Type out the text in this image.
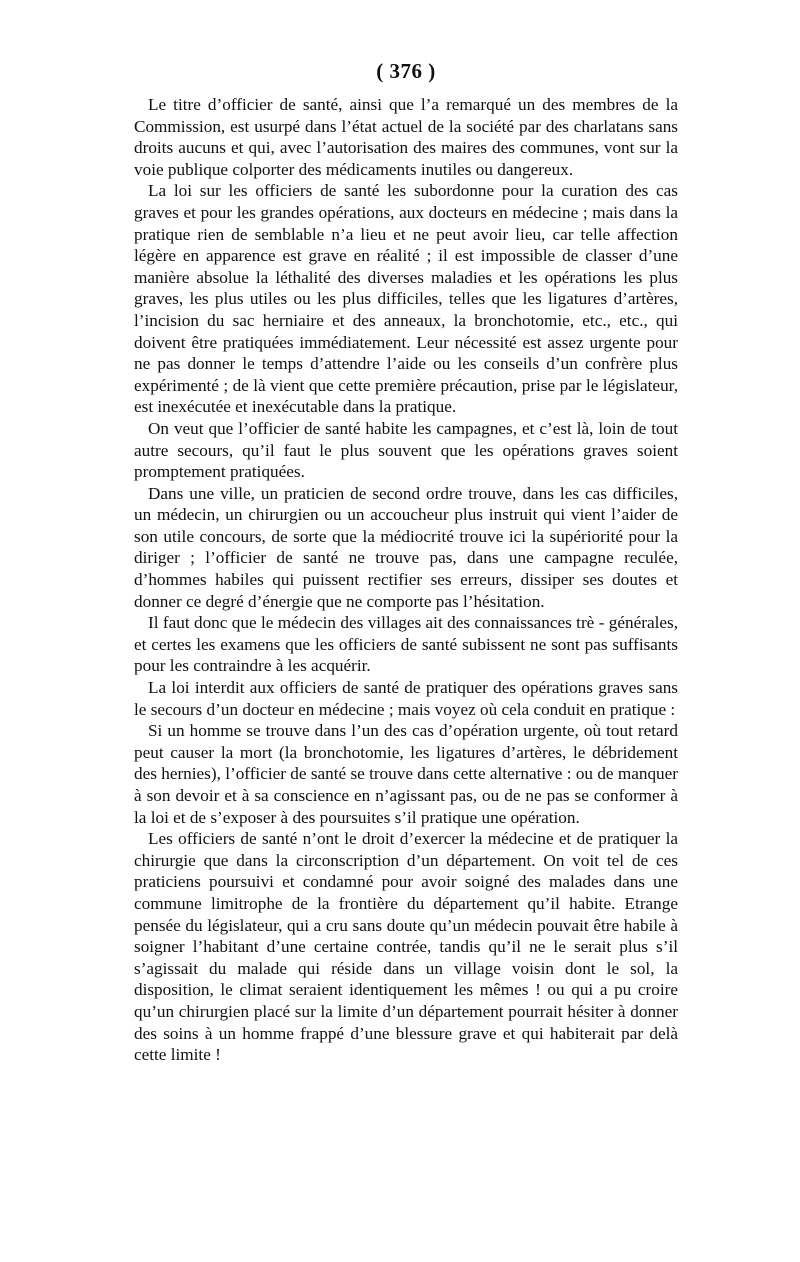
( 376 )

Le titre d’officier de santé, ainsi que l’a remarqué un des membres de la Commission, est usurpé dans l’état actuel de la société par des charlatans sans droits aucuns et qui, avec l’autorisation des maires des communes, vont sur la voie publique colporter des médicaments inutiles ou dangereux.

La loi sur les officiers de santé les subordonne pour la curation des cas graves et pour les grandes opérations, aux docteurs en médecine ; mais dans la pratique rien de semblable n’a lieu et ne peut avoir lieu, car telle affection légère en apparence est grave en réalité ; il est impossible de classer d’une manière absolue la léthalité des diverses maladies et les opérations les plus graves, les plus utiles ou les plus difficiles, telles que les ligatures d’artères, l’incision du sac herniaire et des anneaux, la bronchotomie, etc., etc., qui doivent être pratiquées immédiatement. Leur nécessité est assez urgente pour ne pas donner le temps d’attendre l’aide ou les conseils d’un confrère plus expérimenté ; de là vient que cette première précaution, prise par le législateur, est inexécutée et inexécutable dans la pratique.

On veut que l’officier de santé habite les campagnes, et c’est là, loin de tout autre secours, qu’il faut le plus souvent que les opérations graves soient promptement pratiquées.

Dans une ville, un praticien de second ordre trouve, dans les cas difficiles, un médecin, un chirurgien ou un accoucheur plus instruit qui vient l’aider de son utile concours, de sorte que la médiocrité trouve ici la supériorité pour la diriger ; l’officier de santé ne trouve pas, dans une campagne reculée, d’hommes habiles qui puissent rectifier ses erreurs, dissiper ses doutes et donner ce degré d’énergie que ne comporte pas l’hésitation.

Il faut donc que le médecin des villages ait des connaissances trè - générales, et certes les examens que les officiers de santé subissent ne sont pas suffisants pour les contraindre à les acquérir.

La loi interdit aux officiers de santé de pratiquer des opérations graves sans le secours d’un docteur en médecine ; mais voyez où cela conduit en pratique :

Si un homme se trouve dans l’un des cas d’opération urgente, où tout retard peut causer la mort (la bronchotomie, les ligatures d’artères, le débridement des hernies), l’officier de santé se trouve dans cette alternative : ou de manquer à son devoir et à sa conscience en n’agissant pas, ou de ne pas se conformer à la loi et de s’exposer à des poursuites s’il pratique une opération.

Les officiers de santé n’ont le droit d’exercer la médecine et de pratiquer la chirurgie que dans la circonscription d’un département. On voit tel de ces praticiens poursuivi et condamné pour avoir soigné des malades dans une commune limitrophe de la frontière du département qu’il habite. Etrange pensée du législateur, qui a cru sans doute qu’un médecin pouvait être habile à soigner l’habitant d’une certaine contrée, tandis qu’il ne le serait plus s’il s’agissait du malade qui réside dans un village voisin dont le sol, la disposition, le climat seraient identiquement les mêmes ! ou qui a pu croire qu’un chirurgien placé sur la limite d’un département pourrait hésiter à donner des soins à un homme frappé d’une blessure grave et qui habiterait par delà cette limite !
